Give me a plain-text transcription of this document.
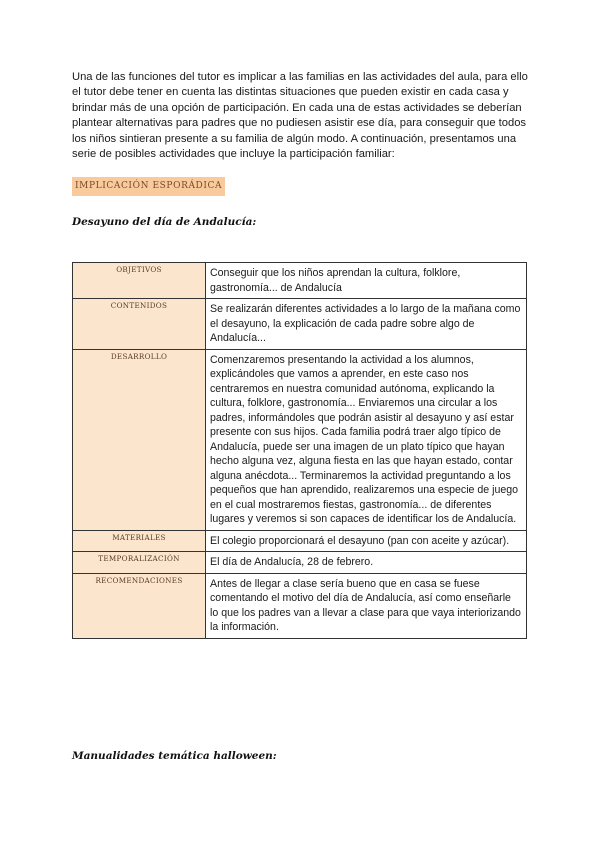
Una de las funciones del tutor es implicar a las familias en las actividades del aula, para ello el tutor debe tener en cuenta las distintas situaciones que pueden existir en cada casa y brindar más de una opción de participación. En cada una de estas actividades se deberían plantear alternativas para padres que no pudiesen asistir ese día, para conseguir que todos los niños sintieran presente a su familia de algún modo. A continuación, presentamos una serie de posibles actividades que incluye la participación familiar:

IMPLICACIÓN ESPORÁDICA
Desayuno del día de Andalucía:
OBJETIVOS	Conseguir que los niños aprendan la cultura, folklore, gastronomía... de Andalucía
CONTENIDOS	Se realizarán diferentes actividades a lo largo de la mañana como el desayuno, la explicación de cada padre sobre algo de Andalucía...
DESARROLLO	Comenzaremos presentando la actividad a los alumnos, explicándoles que vamos a aprender, en este caso nos centraremos en nuestra comunidad autónoma, explicando la cultura, folklore, gastronomía... Enviaremos una circular a los padres, informándoles que podrán asistir al desayuno y así estar presente con sus hijos. Cada familia podrá traer algo típico de Andalucía, puede ser una imagen de un plato típico que hayan hecho alguna vez, alguna fiesta en las que hayan estado, contar alguna anécdota... Terminaremos la actividad preguntando a los pequeños que han aprendido, realizaremos una especie de juego en el cual mostraremos fiestas, gastronomía... de diferentes lugares y veremos si son capaces de identificar los de Andalucía.
MATERIALES	El colegio proporcionará el desayuno (pan con aceite y azúcar).
TEMPORALIZACIÓN	El día de Andalucía, 28 de febrero.
RECOMENDACIONES	Antes de llegar a clase sería bueno que en casa se fuese comentando el motivo del día de Andalucía, así como enseñarle lo que los padres van a llevar a clase para que vaya interiorizando la información.
Manualidades temática halloween:
